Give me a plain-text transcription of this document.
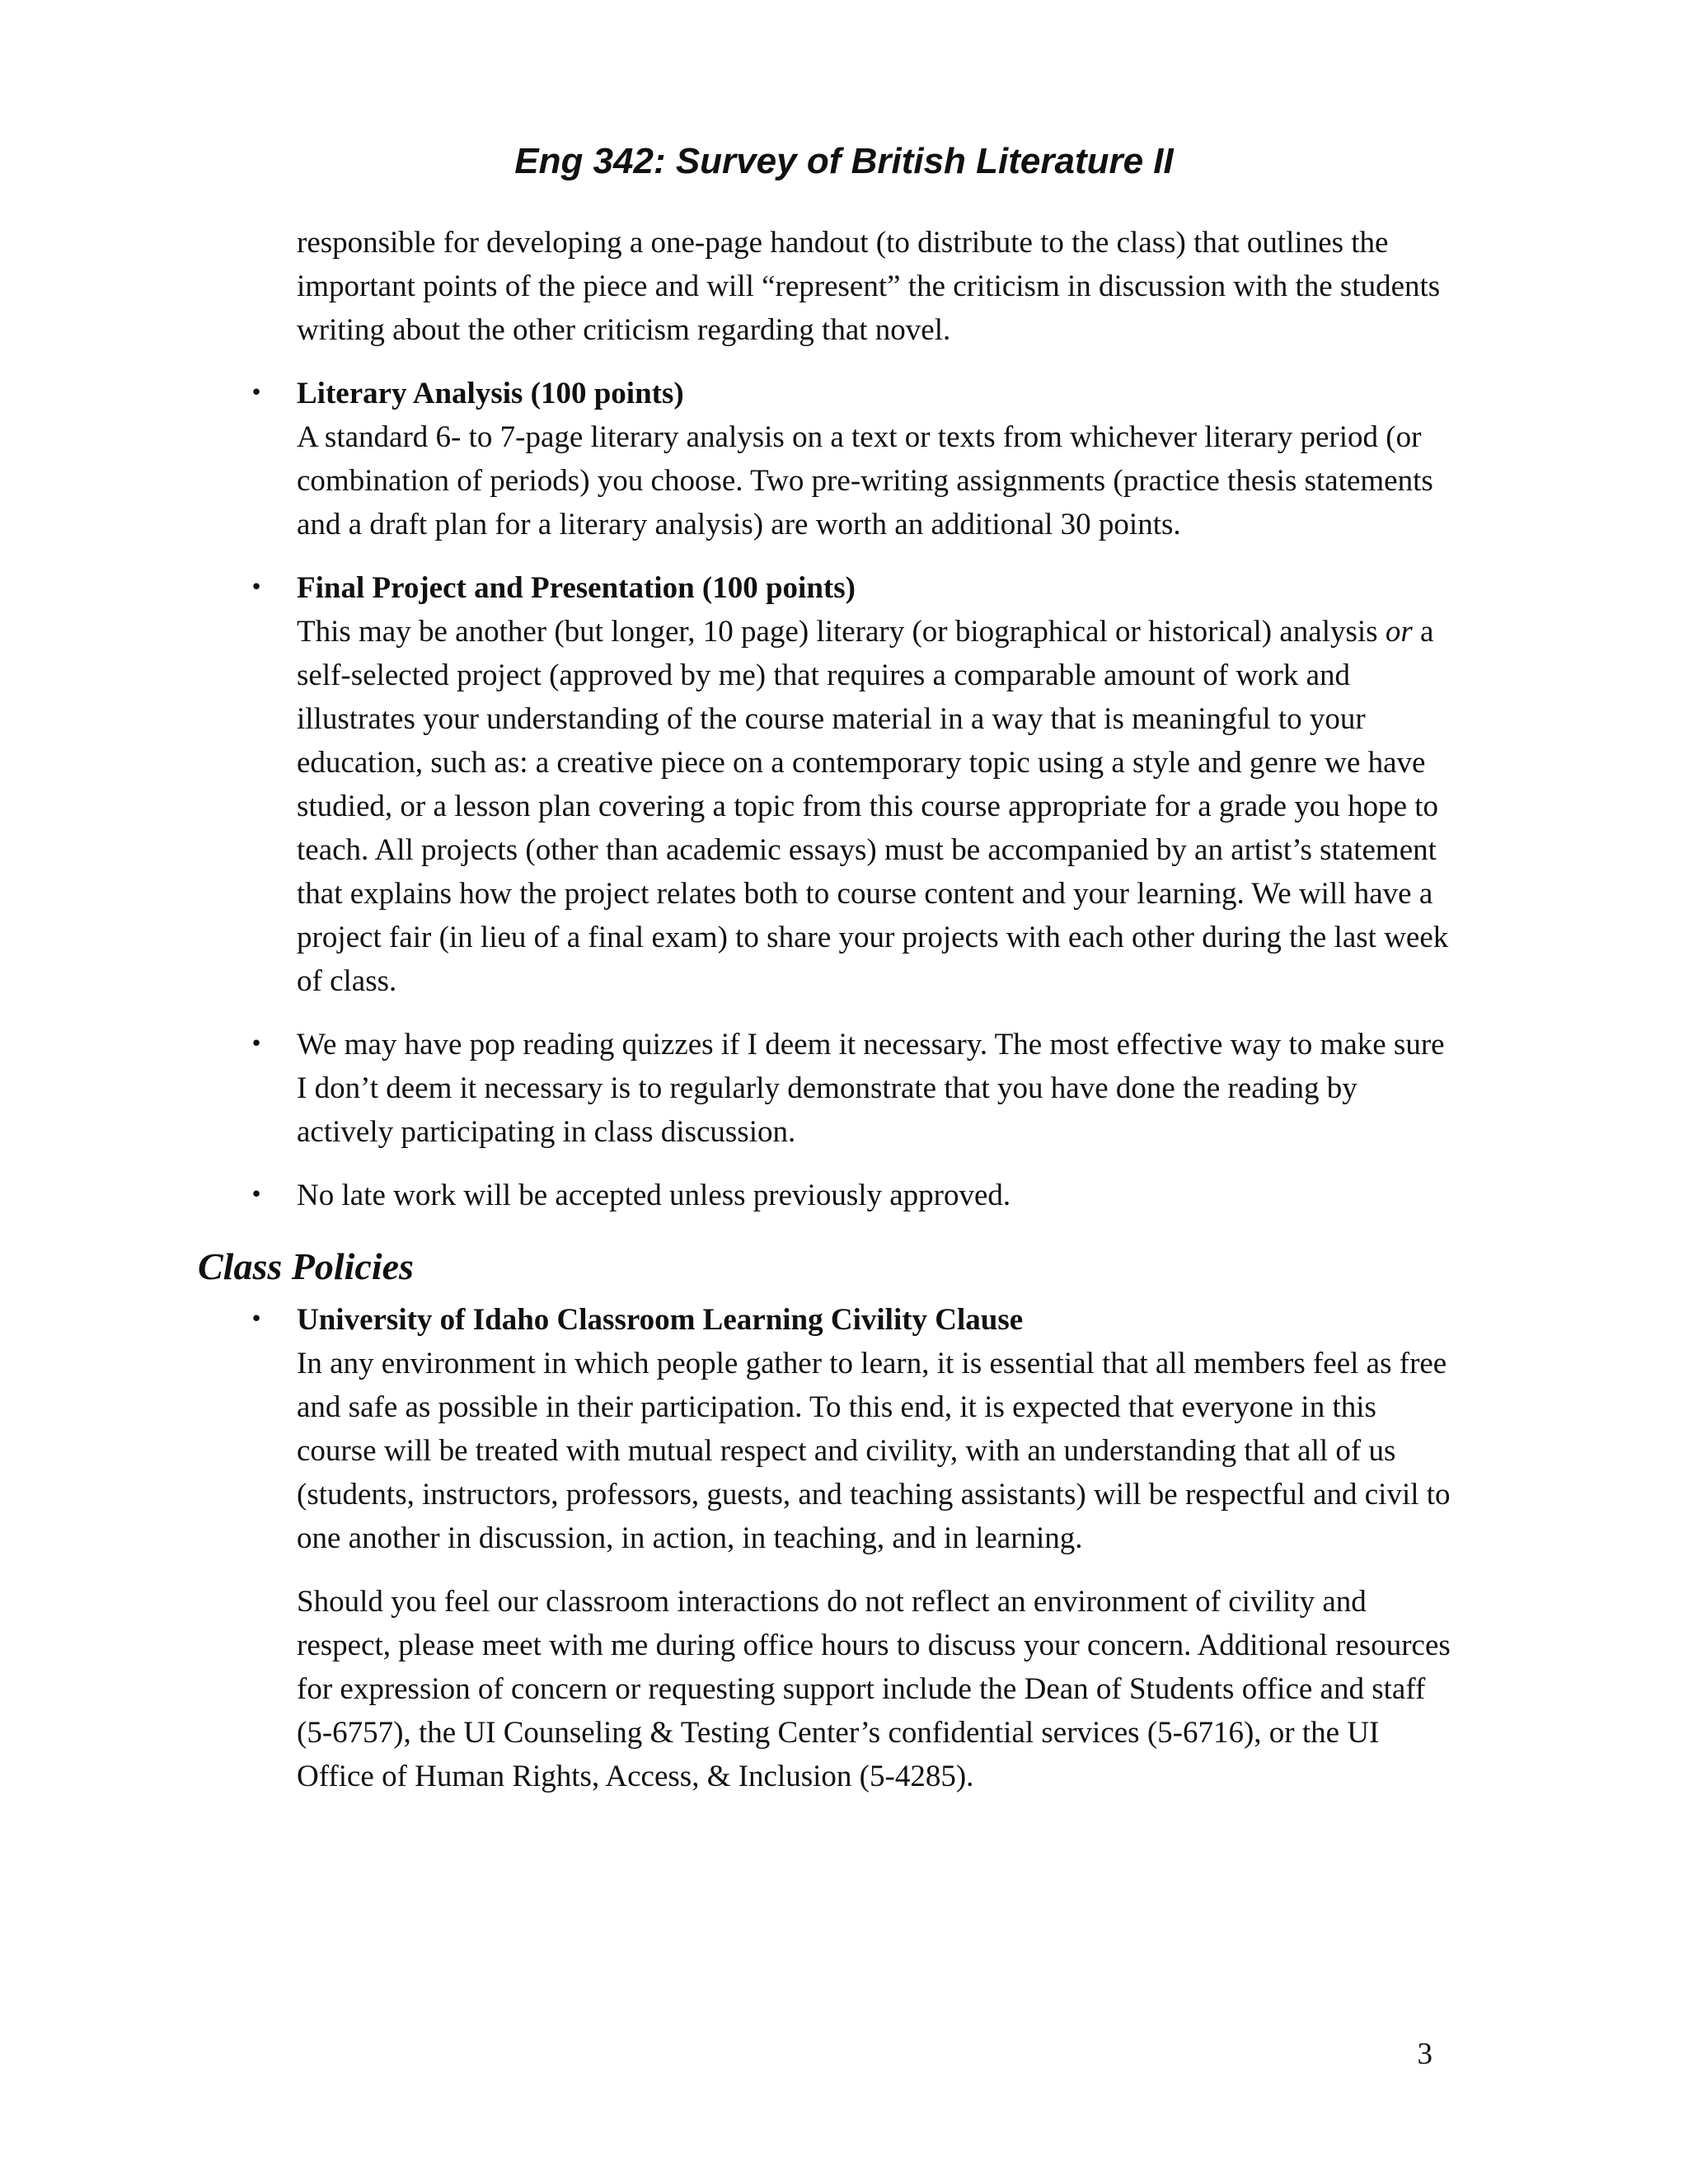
Eng 342: Survey of British Literature II

responsible for developing a one-page handout (to distribute to the class) that outlines the important points of the piece and will “represent” the criticism in discussion with the students writing about the other criticism regarding that novel.

• Literary Analysis (100 points)

A standard 6- to 7-page literary analysis on a text or texts from whichever literary period (or combination of periods) you choose. Two pre-writing assignments (practice thesis statements and a draft plan for a literary analysis) are worth an additional 30 points.

• Final Project and Presentation (100 points)

This may be another (but longer, 10 page) literary (or biographical or historical) analysis or a self-selected project (approved by me) that requires a comparable amount of work and illustrates your understanding of the course material in a way that is meaningful to your education, such as: a creative piece on a contemporary topic using a style and genre we have studied, or a lesson plan covering a topic from this course appropriate for a grade you hope to teach. All projects (other than academic essays) must be accompanied by an artist’s statement that explains how the project relates both to course content and your learning. We will have a project fair (in lieu of a final exam) to share your projects with each other during the last week of class.

• We may have pop reading quizzes if I deem it necessary. The most effective way to make sure I don’t deem it necessary is to regularly demonstrate that you have done the reading by actively participating in class discussion.

• No late work will be accepted unless previously approved.

Class Policies
• University of Idaho Classroom Learning Civility Clause

In any environment in which people gather to learn, it is essential that all members feel as free and safe as possible in their participation. To this end, it is expected that everyone in this course will be treated with mutual respect and civility, with an understanding that all of us (students, instructors, professors, guests, and teaching assistants) will be respectful and civil to one another in discussion, in action, in teaching, and in learning.

Should you feel our classroom interactions do not reflect an environment of civility and respect, please meet with me during office hours to discuss your concern. Additional resources for expression of concern or requesting support include the Dean of Students office and staff (5-6757), the UI Counseling & Testing Center’s confidential services (5-6716), or the UI Office of Human Rights, Access, & Inclusion (5-4285).

3
